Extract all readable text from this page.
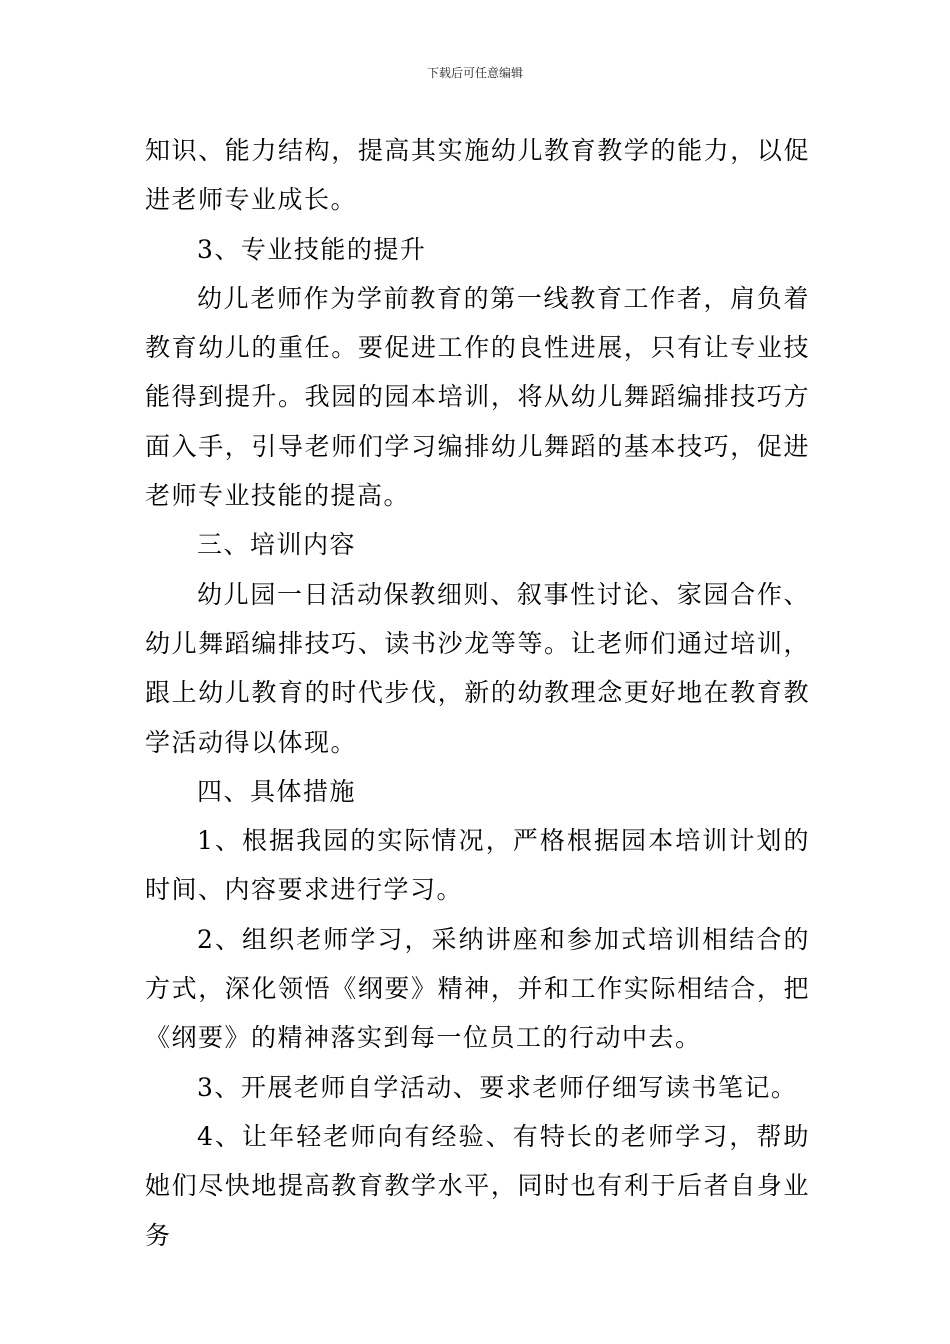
下载后可任意编辑

知识、能力结构，提高其实施幼儿教育教学的能力，以促进老师专业成长。

3、专业技能的提升

幼儿老师作为学前教育的第一线教育工作者，肩负着教育幼儿的重任。要促进工作的良性进展，只有让专业技能得到提升。我园的园本培训，将从幼儿舞蹈编排技巧方面入手，引导老师们学习编排幼儿舞蹈的基本技巧，促进老师专业技能的提高。

三、培训内容

幼儿园一日活动保教细则、叙事性讨论、家园合作、幼儿舞蹈编排技巧、读书沙龙等等。让老师们通过培训，跟上幼儿教育的时代步伐，新的幼教理念更好地在教育教学活动得以体现。

四、具体措施

1、根据我园的实际情况，严格根据园本培训计划的时间、内容要求进行学习。

2、组织老师学习，采纳讲座和参加式培训相结合的方式，深化领悟《纲要》精神，并和工作实际相结合，把《纲要》的精神落实到每一位员工的行动中去。

3、开展老师自学活动、要求老师仔细写读书笔记。

4、让年轻老师向有经验、有特长的老师学习，帮助她们尽快地提高教育教学水平，同时也有利于后者自身业务
